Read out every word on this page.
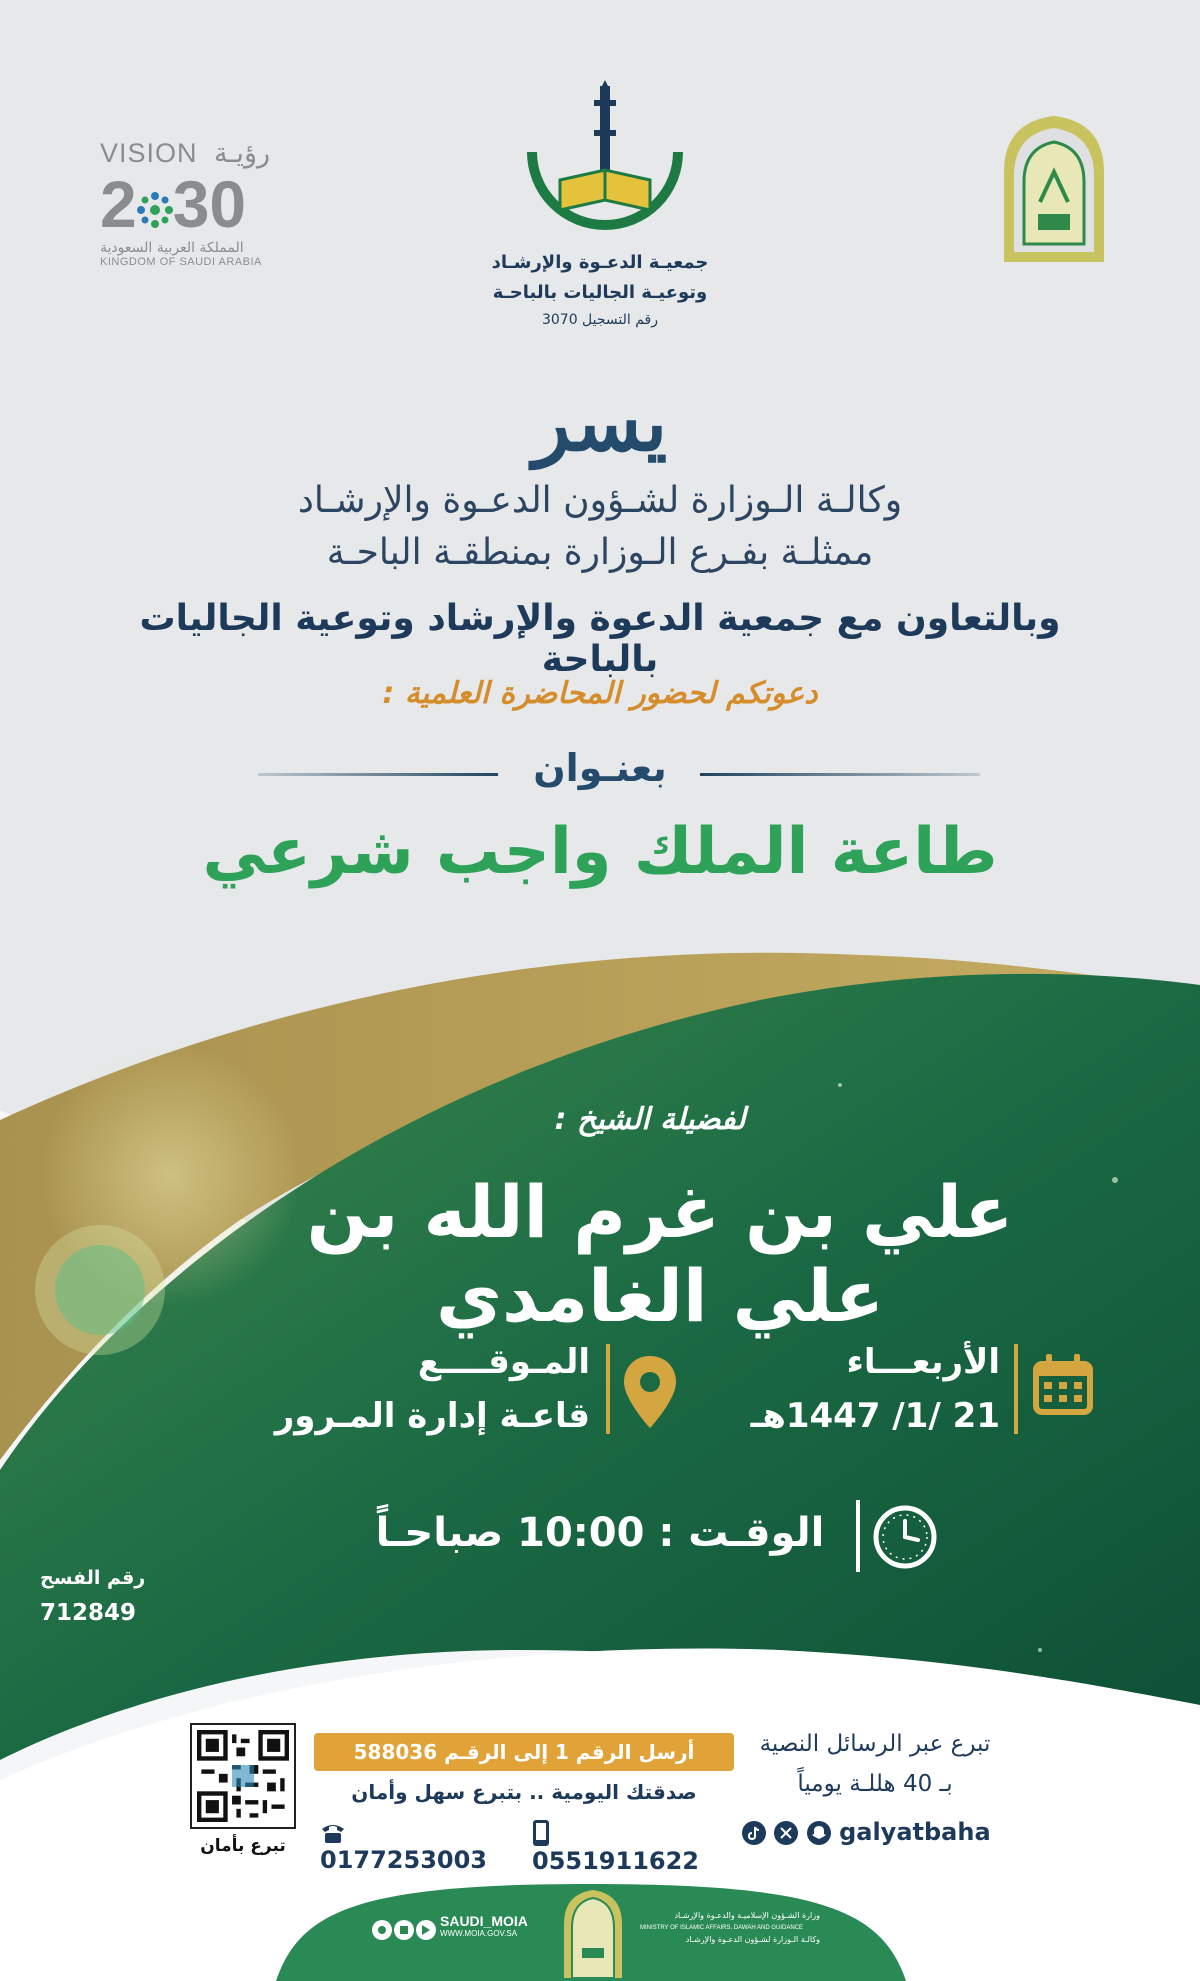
VISION رؤيـة
2 30
المملكة العربية السعودية
KINGDOM OF SAUDI ARABIA	جمعيـة الدعـوة والإرشـاد
وتوعيـة الجاليات بالباحـة
رقم التسجيل 3070
يسر
وكالـة الـوزارة لشـؤون الدعـوة والإرشـاد
ممثلـة بفـرع الـوزارة بمنطقـة الباحـة
وبالتعاون مع جمعية الدعوة والإرشاد وتوعية الجاليات بالباحة
دعوتكم لحضور المحاضرة العلمية :
بعنـوان
طاعة الملك واجب شرعي
لفضيلة الشيخ :
علي بن غرم الله بن علي الغامدي
الأربعـــاء
21 /1/ 1447هـ
المـوقــــع
قاعـة إدارة المـرور
الوقـت : 10:00 صباحـاً
رقم الفسح
712849
تبرع بأمان
أرسل الرقم 1 إلى الرقـم 588036
صدقتك اليومية .. بتبرع سهل وأمان
تبرع عبر الرسائل النصية
بـ 40 هللـة يومياً
0177253003	0551911622
galyatbaha
SAUDI_MOIA
WWW.MOIA.GOV.SA
وزارة الشـؤون الإسلاميـة والدعـوة والإرشـاد
MINISTRY OF ISLAMIC AFFAIRS, DAWAH AND GUIDANCE
وكالـة الـوزارة لشـؤون الدعـوة والإرشـاد
